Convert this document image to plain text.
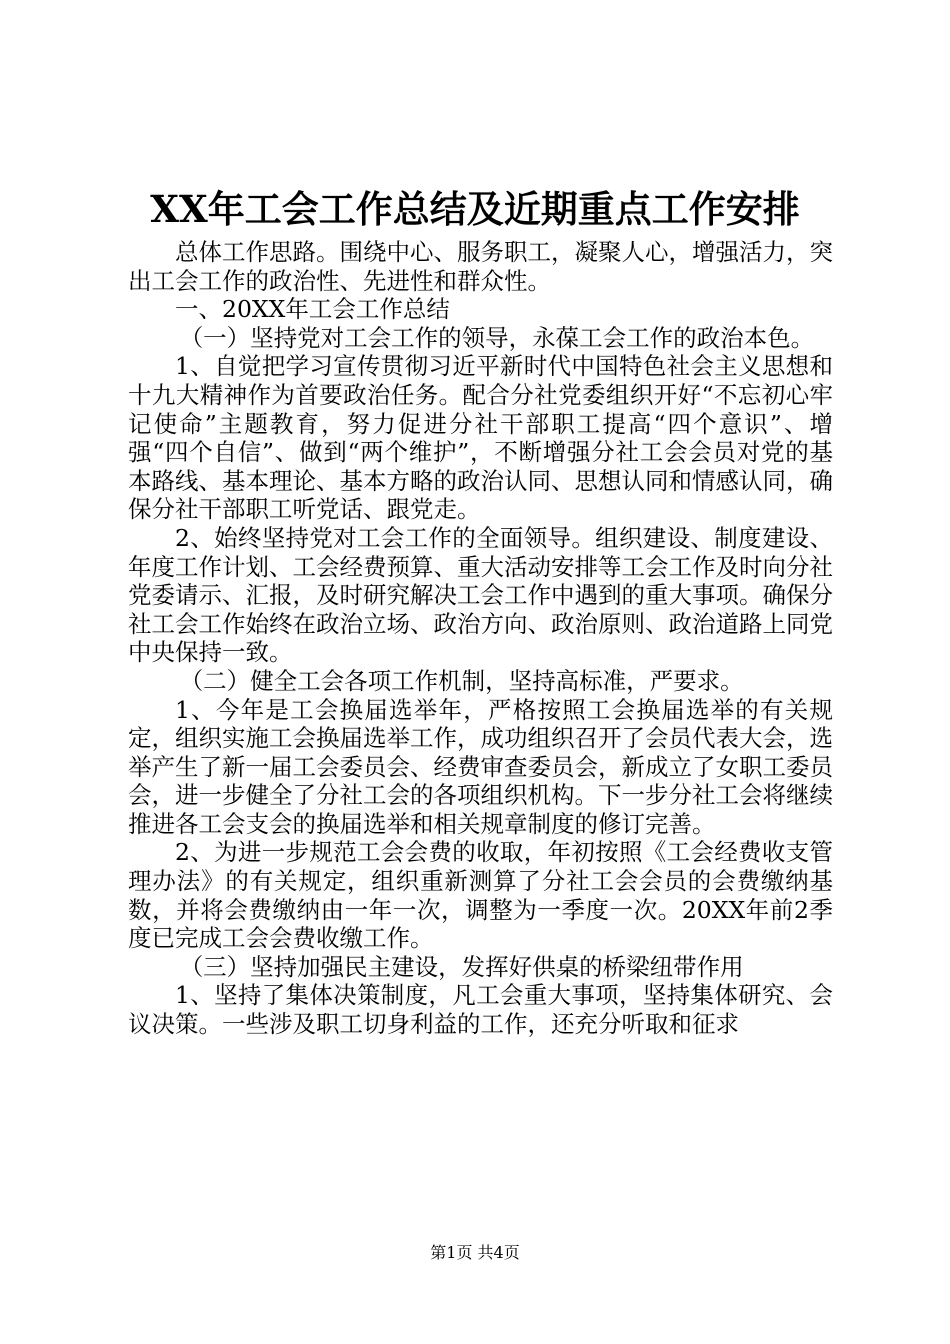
XX年工会工作总结及近期重点工作安排

总体工作思路。围绕中心、服务职工，凝聚人心，增强活力，突出工会工作的政治性、先进性和群众性。

一、20XX年工会工作总结

（一）坚持党对工会工作的领导，永葆工会工作的政治本色。

1、自觉把学习宣传贯彻习近平新时代中国特色社会主义思想和十九大精神作为首要政治任务。配合分社党委组织开好“不忘初心牢记使命”主题教育，努力促进分社干部职工提高“四个意识”、增强“四个自信”、做到“两个维护”，不断增强分社工会会员对党的基本路线、基本理论、基本方略的政治认同、思想认同和情感认同，确保分社干部职工听党话、跟党走。

2、始终坚持党对工会工作的全面领导。组织建设、制度建设、年度工作计划、工会经费预算、重大活动安排等工会工作及时向分社党委请示、汇报，及时研究解决工会工作中遇到的重大事项。确保分社工会工作始终在政治立场、政治方向、政治原则、政治道路上同党中央保持一致。

（二）健全工会各项工作机制，坚持高标准，严要求。

1、今年是工会换届选举年，严格按照工会换届选举的有关规定，组织实施工会换届选举工作，成功组织召开了会员代表大会，选举产生了新一届工会委员会、经费审查委员会，新成立了女职工委员会，进一步健全了分社工会的各项组织机构。下一步分社工会将继续推进各工会支会的换届选举和相关规章制度的修订完善。

2、为进一步规范工会会费的收取，年初按照《工会经费收支管理办法》的有关规定，组织重新测算了分社工会会员的会费缴纳基数，并将会费缴纳由一年一次，调整为一季度一次。20XX年前2季度已完成工会会费收缴工作。

（三）坚持加强民主建设，发挥好供桌的桥梁纽带作用

1、坚持了集体决策制度，凡工会重大事项，坚持集体研究、会议决策。一些涉及职工切身利益的工作，还充分听取和征求

第1页 共4页
